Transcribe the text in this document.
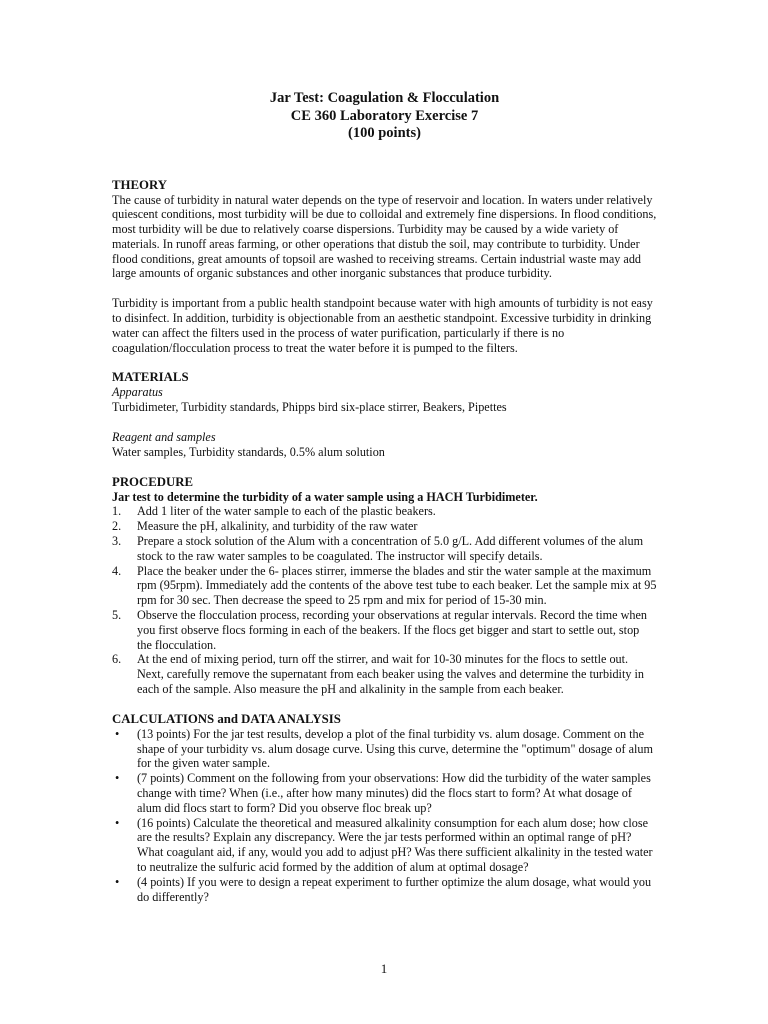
Jar Test: Coagulation & Flocculation
CE 360 Laboratory Exercise 7
(100 points)
THEORY

The cause of turbidity in natural water depends on the type of reservoir and location. In waters under relatively quiescent conditions, most turbidity will be due to colloidal and extremely fine dispersions. In flood conditions, most turbidity will be due to relatively coarse dispersions. Turbidity may be caused by a wide variety of materials. In runoff areas farming, or other operations that distub the soil, may contribute to turbidity. Under flood conditions, great amounts of topsoil are washed to receiving streams. Certain industrial waste may add large amounts of organic substances and other inorganic substances that produce turbidity.

Turbidity is important from a public health standpoint because water with high amounts of turbidity is not easy to disinfect. In addition, turbidity is objectionable from an aesthetic standpoint. Excessive turbidity in drinking water can affect the filters used in the process of water purification, particularly if there is no coagulation/flocculation process to treat the water before it is pumped to the filters.

MATERIALS
Apparatus
Turbidimeter, Turbidity standards, Phipps bird six-place stirrer, Beakers, Pipettes
Reagent and samples
Water samples, Turbidity standards, 0.5% alum solution
PROCEDURE
Jar test to determine the turbidity of a water sample using a HACH Turbidimeter.
1. Add 1 liter of the water sample to each of the plastic beakers.
2. Measure the pH, alkalinity, and turbidity of the raw water
3. Prepare a stock solution of the Alum with a concentration of 5.0 g/L. Add different volumes of the alum stock to the raw water samples to be coagulated. The instructor will specify details.
4. Place the beaker under the 6- places stirrer, immerse the blades and stir the water sample at the maximum rpm (95rpm). Immediately add the contents of the above test tube to each beaker. Let the sample mix at 95 rpm for 30 sec. Then decrease the speed to 25 rpm and mix for period of 15-30 min.
5. Observe the flocculation process, recording your observations at regular intervals. Record the time when you first observe flocs forming in each of the beakers. If the flocs get bigger and start to settle out, stop the flocculation.
6. At the end of mixing period, turn off the stirrer, and wait for 10-30 minutes for the flocs to settle out. Next, carefully remove the supernatant from each beaker using the valves and determine the turbidity in each of the sample. Also measure the pH and alkalinity in the sample from each beaker.
CALCULATIONS and DATA ANALYSIS
• (13 points) For the jar test results, develop a plot of the final turbidity vs. alum dosage. Comment on the shape of your turbidity vs. alum dosage curve. Using this curve, determine the "optimum" dosage of alum for the given water sample.
• (7 points) Comment on the following from your observations: How did the turbidity of the water samples change with time? When (i.e., after how many minutes) did the flocs start to form? At what dosage of alum did flocs start to form? Did you observe floc break up?
• (16 points) Calculate the theoretical and measured alkalinity consumption for each alum dose; how close are the results? Explain any discrepancy. Were the jar tests performed within an optimal range of pH? What coagulant aid, if any, would you add to adjust pH? Was there sufficient alkalinity in the tested water to neutralize the sulfuric acid formed by the addition of alum at optimal dosage?
• (4 points) If you were to design a repeat experiment to further optimize the alum dosage, what would you do differently?
1
